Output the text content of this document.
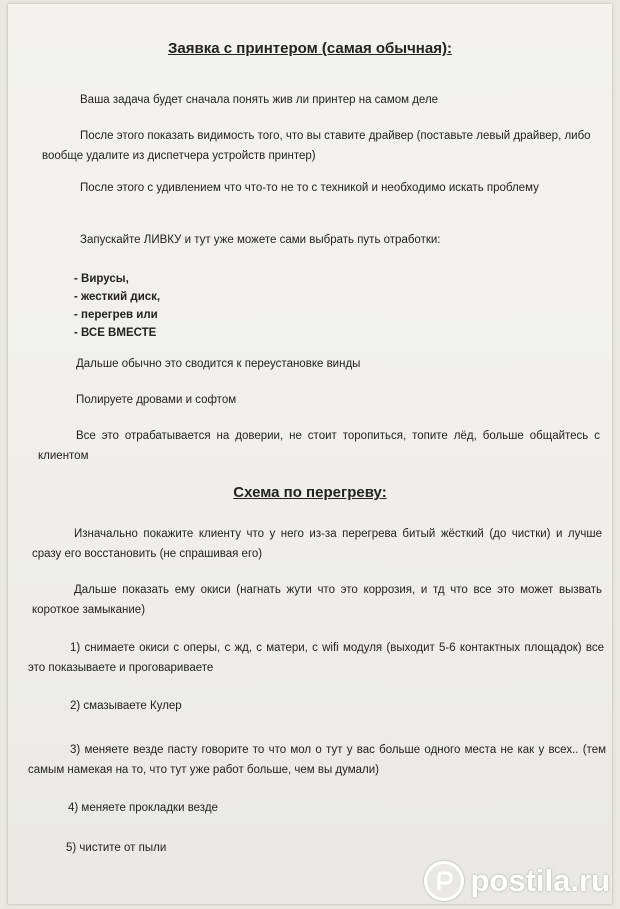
Заявка с принтером (самая обычная):

Ваша задача будет сначала понять жив ли принтер на самом деле

После этого показать видимость того, что вы ставите драйвер (поставьте левый драйвер, либо вообще удалите из диспетчера устройств принтер)

После этого с удивлением что что-то не то с техникой и необходимо искать проблему

Запускайте ЛИВКУ и тут уже можете сами выбрать путь отработки:

- Вирусы,

- жесткий диск,

- перегрев или

- ВСЕ ВМЕСТЕ

Дальше обычно это сводится к переустановке винды

Полируете дровами и софтом

Все это отрабатывается на доверии, не стоит торопиться, топите лёд, больше общайтесь с клиентом

Схема по перегреву:

Изначально покажите клиенту что у него из-за перегрева битый жёсткий (до чистки) и лучше сразу его восстановить (не спрашивая его)

Дальше показать ему окиси (нагнать жути что это коррозия, и тд что все это может вызвать короткое замыкание)

1) снимаете окиси с оперы, с жд, с матери, с wifi модуля (выходит 5-6 контактных площадок) все это показываете и проговариваете

2) смазываете Кулер

3) меняете везде пасту говорите то что мол о тут у вас больше одного места не как у всех.. (тем самым намекая на то, что тут уже работ больше, чем вы думали)

4) меняете прокладки везде

5) чистите от пыли

postila.ru
